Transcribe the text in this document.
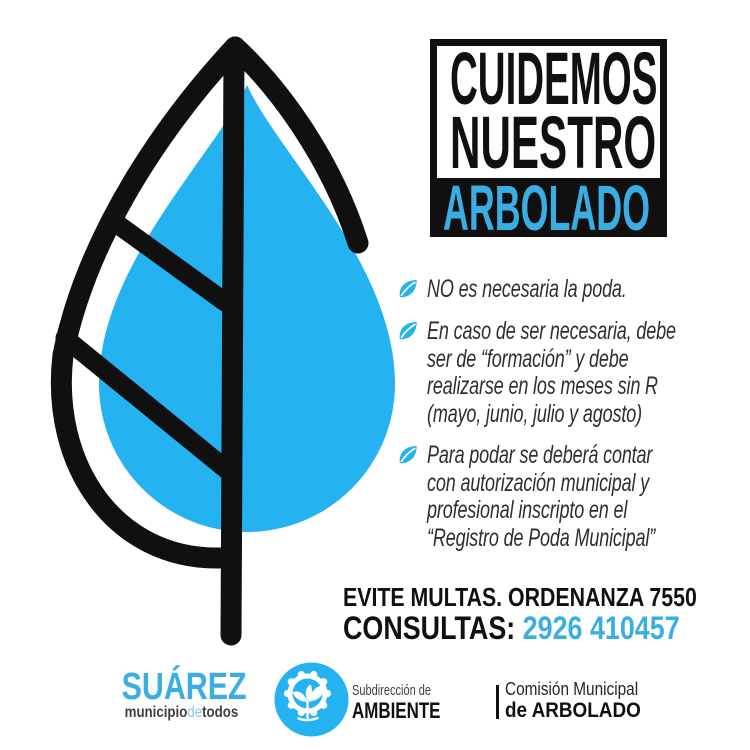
CUIDEMOS
NUESTRO
ARBOLADO
NO es necesaria la poda.
En caso de ser necesaria, debe
ser de “formación” y debe
realizarse en los meses sin R
(mayo, junio, julio y agosto)
Para podar se deberá contar
con autorización municipal y
profesional inscripto en el
“Registro de Poda Municipal”
EVITE MULTAS. ORDENANZA 7550
CONSULTAS: 2926 410457
SUÁREZ
municipiodetodos
Subdirección de
AMBIENTE
Comisión Municipal
de ARBOLADO
